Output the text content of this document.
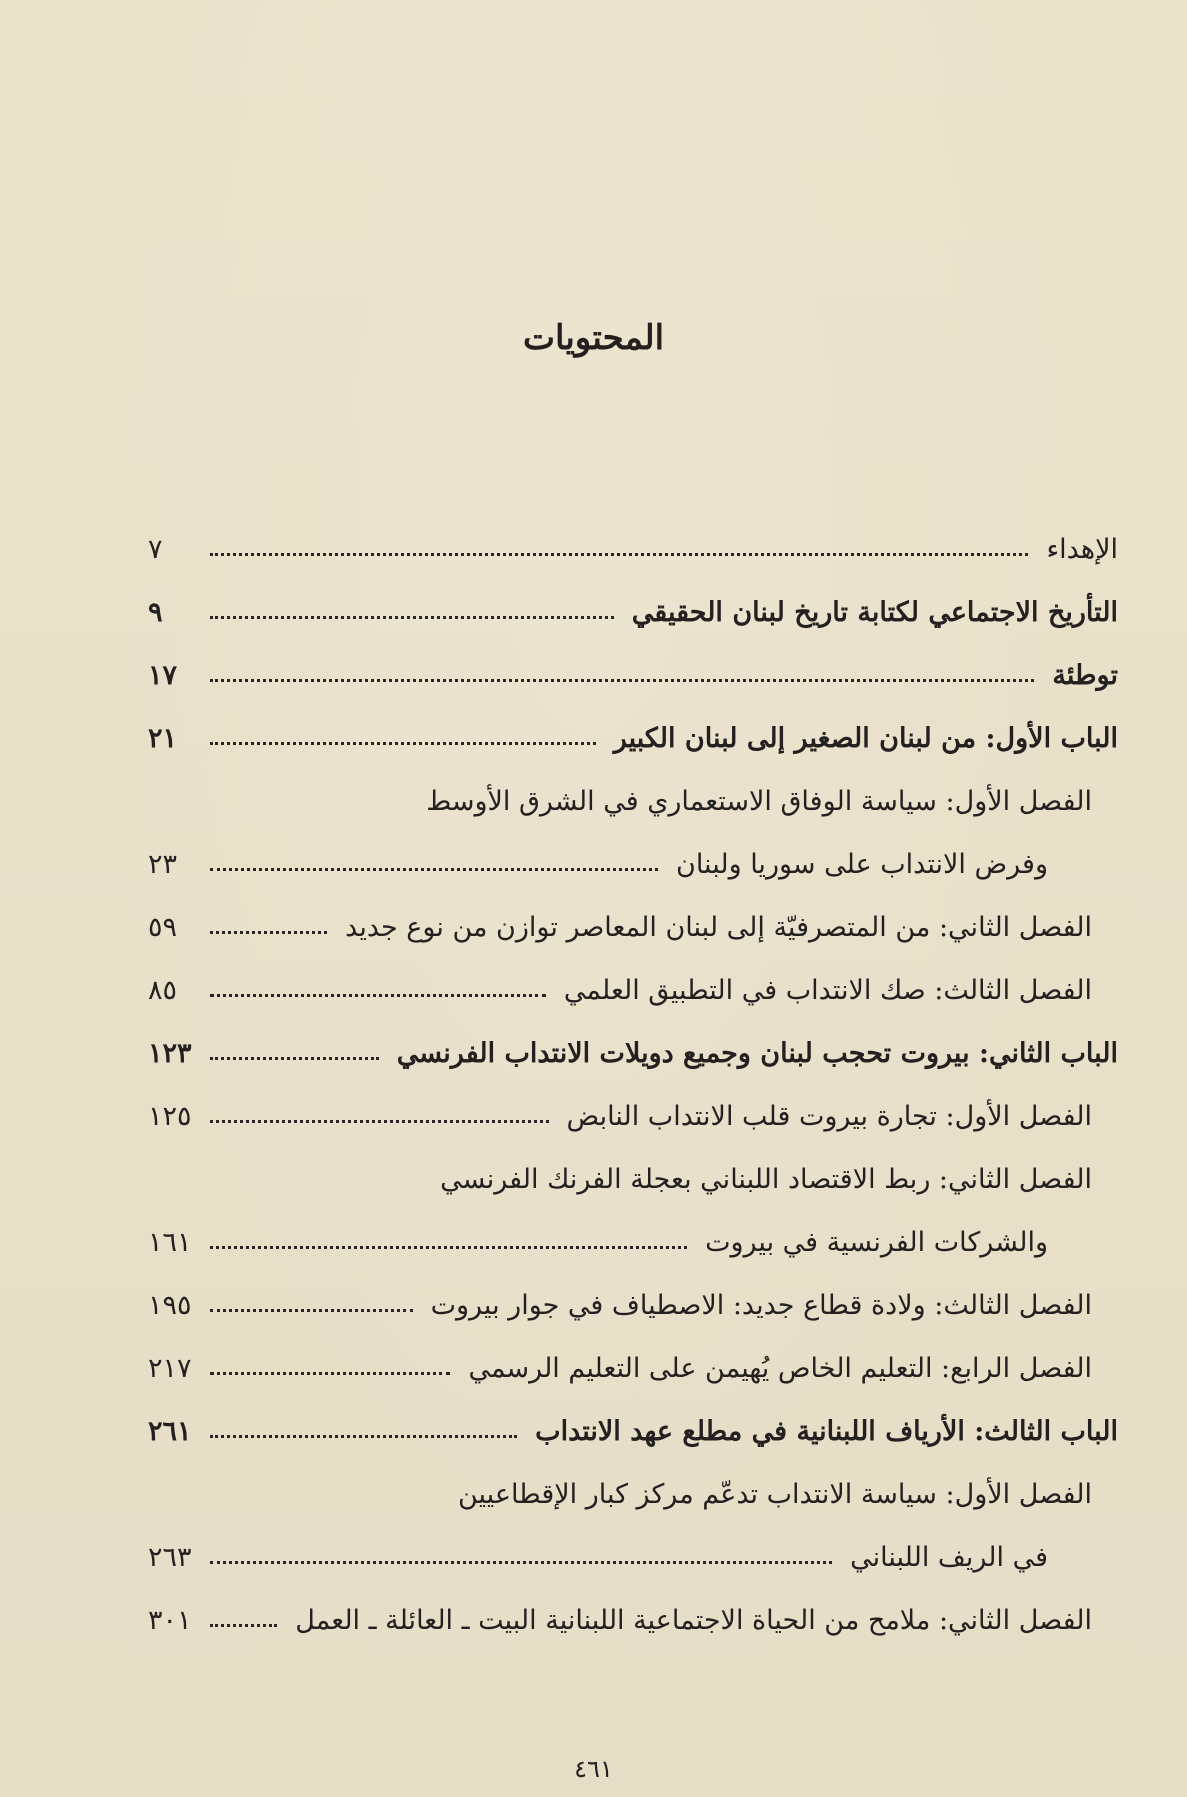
المحتويات
الإهداء
٧
التأريخ الاجتماعي لكتابة تاريخ لبنان الحقيقي
٩
توطئة
١٧
الباب الأول: من لبنان الصغير إلى لبنان الكبير
٢١
الفصل الأول: سياسة الوفاق الاستعماري في الشرق الأوسط
وفرض الانتداب على سوريا ولبنان
٢٣
الفصل الثاني: من المتصرفيّة إلى لبنان المعاصر توازن من نوع جديد
٥٩
الفصل الثالث: صك الانتداب في التطبيق العلمي
٨٥
الباب الثاني: بيروت تحجب لبنان وجميع دويلات الانتداب الفرنسي
١٢٣
الفصل الأول: تجارة بيروت قلب الانتداب النابض
١٢٥
الفصل الثاني: ربط الاقتصاد اللبناني بعجلة الفرنك الفرنسي
والشركات الفرنسية في بيروت
١٦١
الفصل الثالث: ولادة قطاع جديد: الاصطياف في جوار بيروت
١٩٥
الفصل الرابع: التعليم الخاص يُهيمن على التعليم الرسمي
٢١٧
الباب الثالث: الأرياف اللبنانية في مطلع عهد الانتداب
٢٦١
الفصل الأول: سياسة الانتداب تدعّم مركز كبار الإقطاعيين
في الريف اللبناني
٢٦٣
الفصل الثاني: ملامح من الحياة الاجتماعية اللبنانية البيت ـ العائلة ـ العمل
٣٠١
٤٦١
